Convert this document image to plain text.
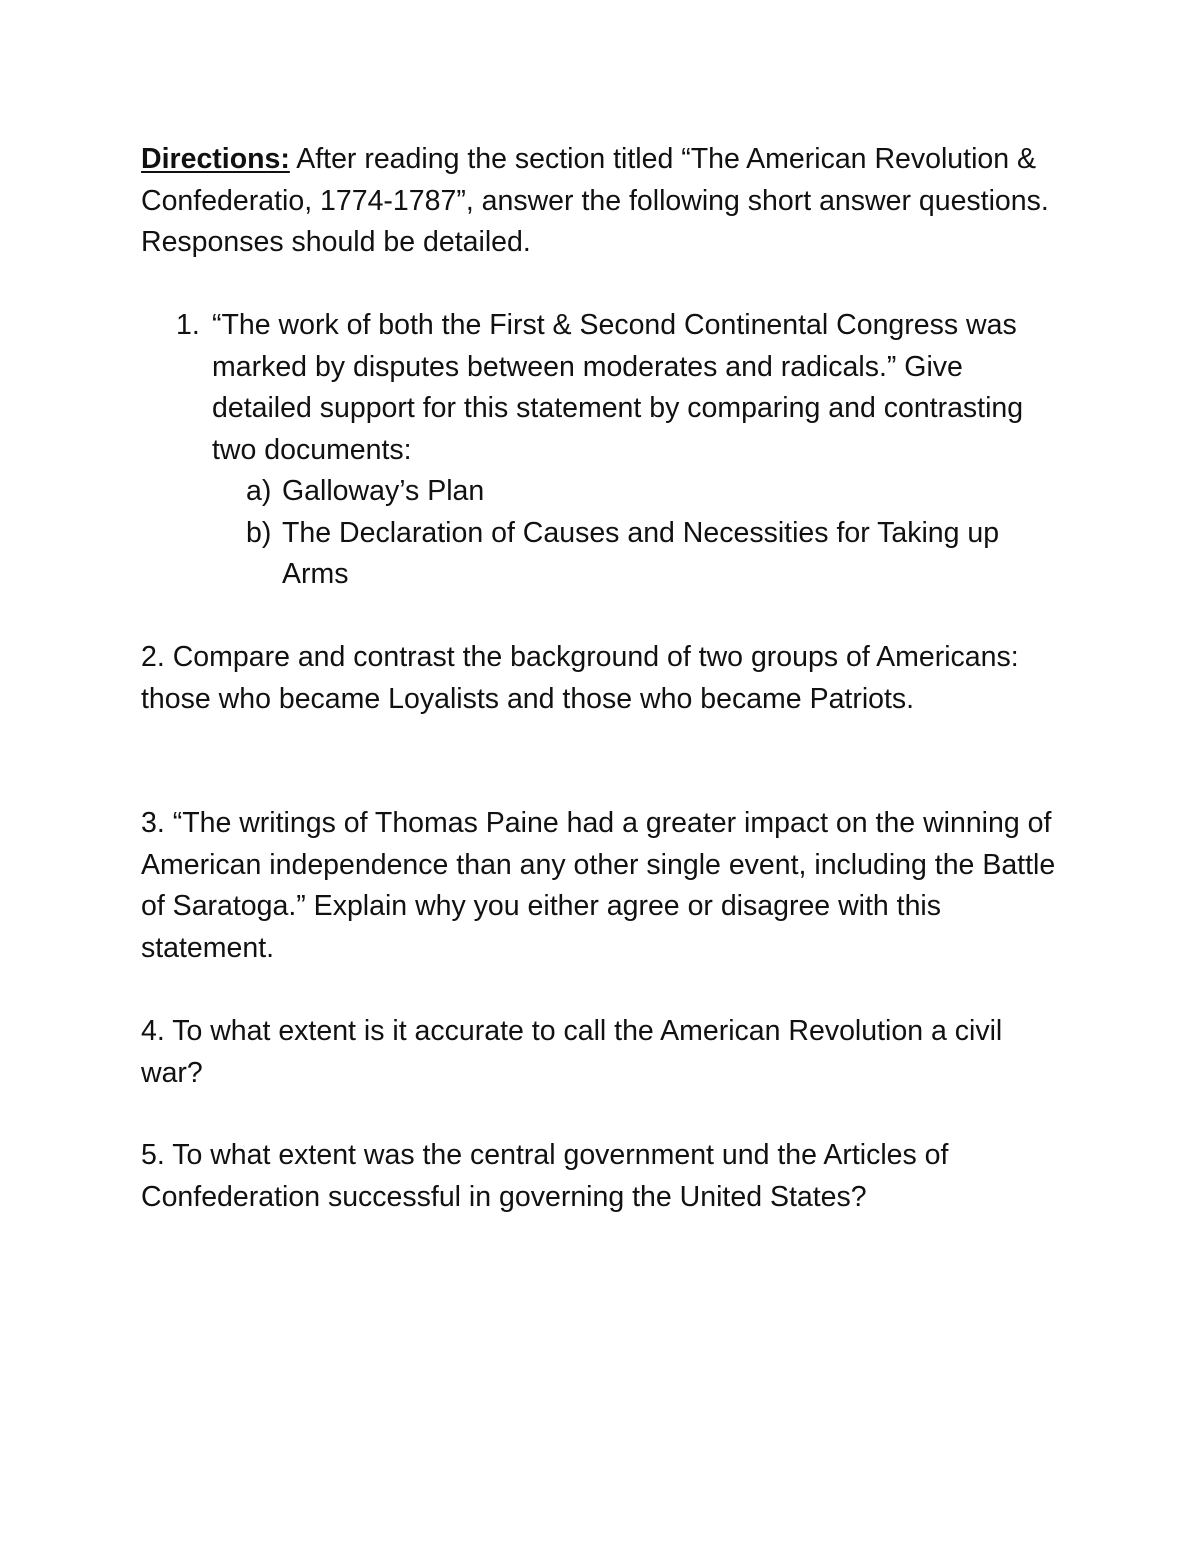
Directions: After reading the section titled “The American Revolution & Confederatio, 1774-1787”, answer the following short answer questions. Responses should be detailed.

1. “The work of both the First & Second Continental Congress was marked by disputes between moderates and radicals.” Give detailed support for this statement by comparing and contrasting two documents:
a) Galloway’s Plan
b) The Declaration of Causes and Necessities for Taking up Arms

2. Compare and contrast the background of two groups of Americans: those who became Loyalists and those who became Patriots.

3. “The writings of Thomas Paine had a greater impact on the winning of American independence than any other single event, including the Battle of Saratoga.” Explain why you either agree or disagree with this statement.

4. To what extent is it accurate to call the American Revolution a civil war?

5. To what extent was the central government und the Articles of Confederation successful in governing the United States?
